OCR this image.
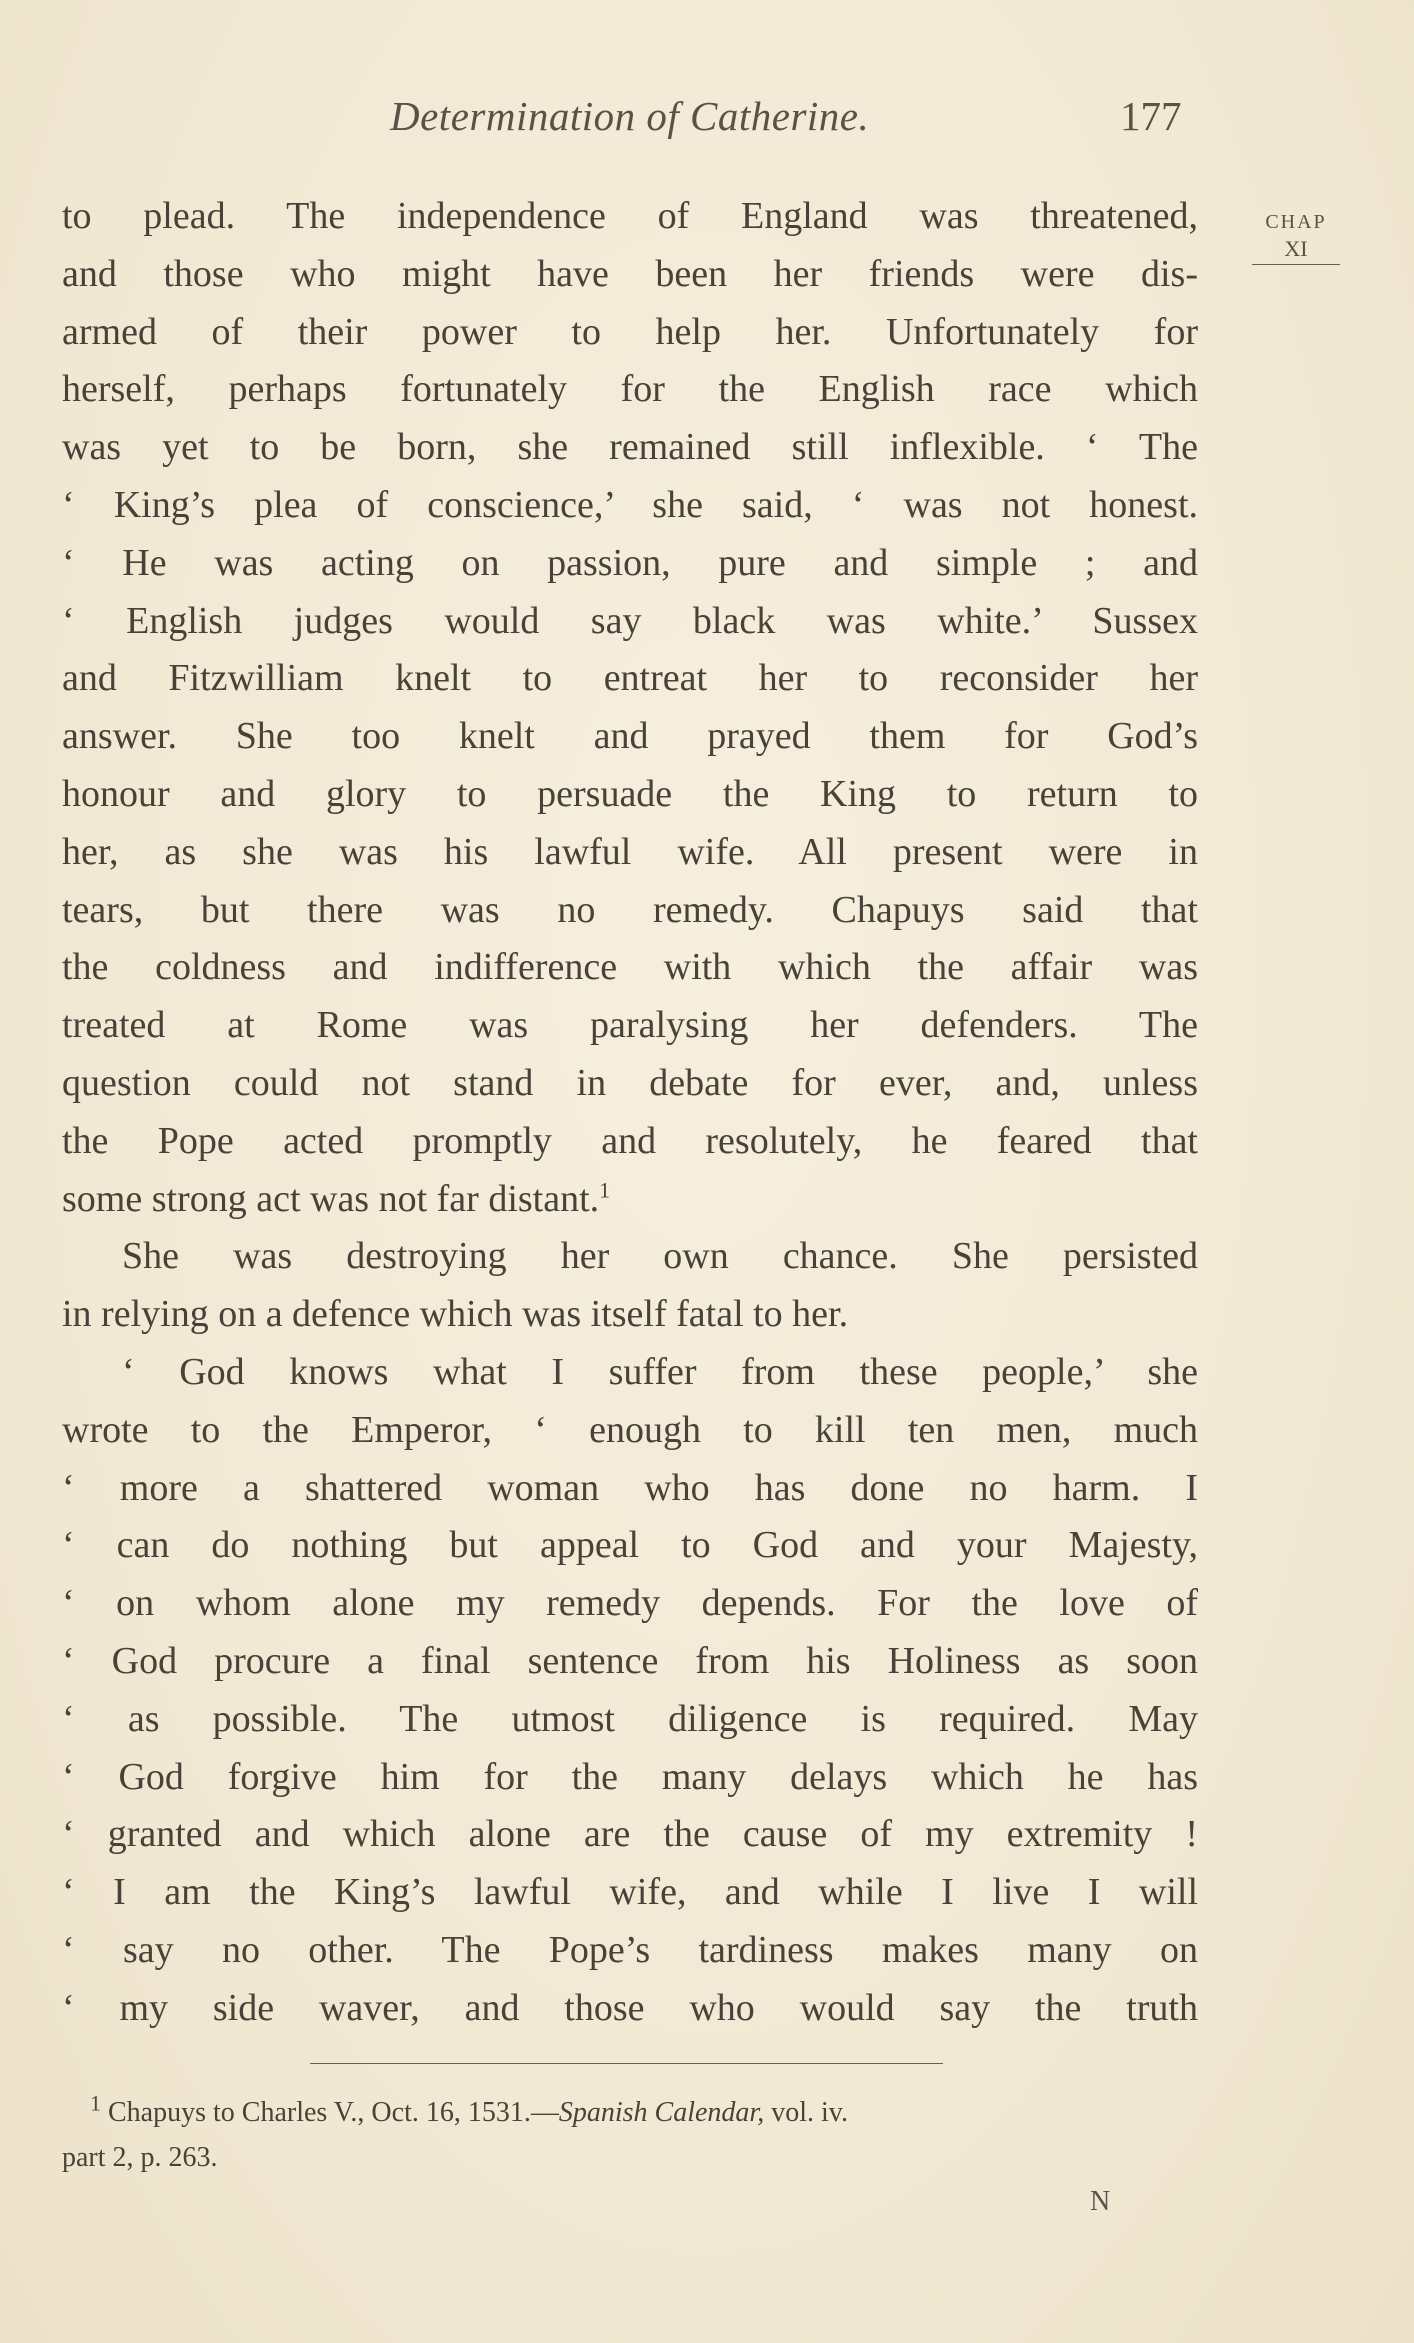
Determination of Catherine.	177
CHAP
XI
to plead. The independence of England was threatened,
and those who might have been her friends were dis-
armed of their power to help her. Unfortunately for
herself, perhaps fortunately for the English race which
was yet to be born, she remained still inflexible. ‘ The
‘ King’s plea of conscience,’ she said, ‘ was not honest.
‘ He was acting on passion, pure and simple ; and
‘ English judges would say black was white.’ Sussex
and Fitzwilliam knelt to entreat her to reconsider her
answer. She too knelt and prayed them for God’s
honour and glory to persuade the King to return to
her, as she was his lawful wife. All present were in
tears, but there was no remedy. Chapuys said that
the coldness and indifference with which the affair was
treated at Rome was paralysing her defenders. The
question could not stand in debate for ever, and, unless
the Pope acted promptly and resolutely, he feared that
some strong act was not far distant.$^1$
She was destroying her own chance. She persisted
in relying on a defence which was itself fatal to her.
‘ God knows what I suffer from these people,’ she
wrote to the Emperor, ‘ enough to kill ten men, much
‘ more a shattered woman who has done no harm. I
‘ can do nothing but appeal to God and your Majesty,
‘ on whom alone my remedy depends. For the love of
‘ God procure a final sentence from his Holiness as soon
‘ as possible. The utmost diligence is required. May
‘ God forgive him for the many delays which he has
‘ granted and which alone are the cause of my extremity !
‘ I am the King’s lawful wife, and while I live I will
‘ say no other. The Pope’s tardiness makes many on
‘ my side waver, and those who would say the truth
$^1$ Chapuys to Charles V., Oct. 16, 1531.—Spanish Calendar, vol. iv.
part 2, p. 263.
N
